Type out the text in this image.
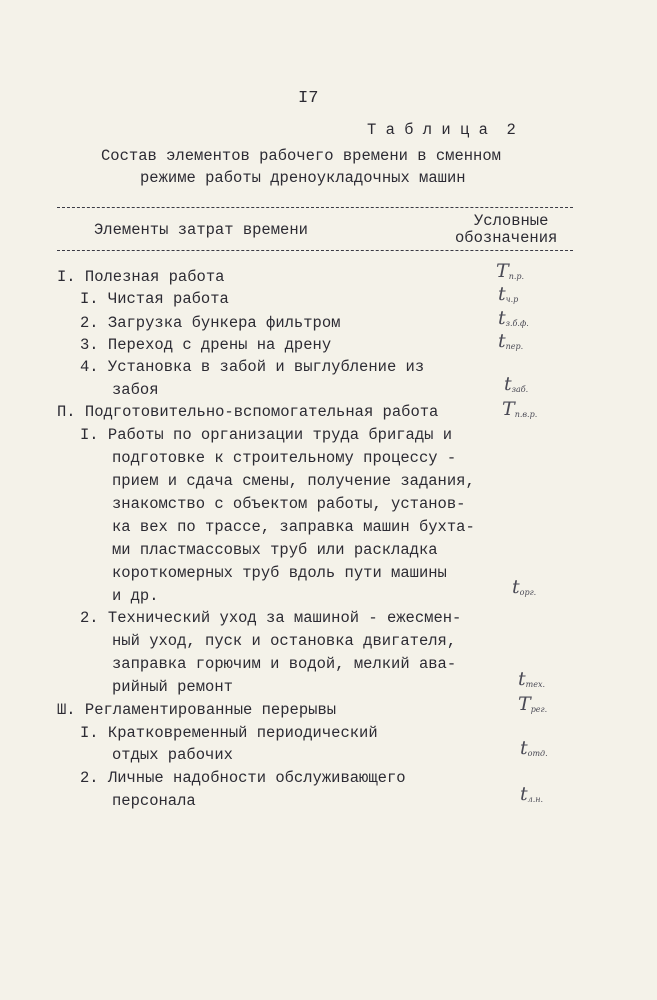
I7
Т а б л и ц а  2
Состав элементов рабочего времени в сменном
режиме работы дреноукладочных машин
Элементы затрат времени	Условные
обозначения
I. Полезная работа	$T_{п.р.}$
I. Чистая работа	$t_{ч.р}$
2. Загрузка бункера фильтром	$t_{з.б.ф.}$
3. Переход с дрены на дрену	$t_{пер.}$
4. Установка в забой и выглубление из
забоя	$t_{заб.}$
П. Подготовительно-вспомогательная работа	$T_{п.в.р.}$
I. Работы по организации труда бригады и
подготовке к строительному процессу -
прием и сдача смены, получение задания,
знакомство с объектом работы, установ-
ка вех по трассе, заправка машин бухта-
ми пластмассовых труб или раскладка
короткомерных труб вдоль пути машины
и др.	$t_{орг.}$
2. Технический уход за машиной - ежесмен-
ный уход, пуск и остановка двигателя,
заправка горючим и водой, мелкий ава-
рийный ремонт	$t_{тех.}$
Ш. Регламентированные перерывы	$T_{рег.}$
I. Кратковременный периодический
отдых рабочих	$t_{отд.}$
2. Личные надобности обслуживающего
персонала	$t_{л.н.}$
